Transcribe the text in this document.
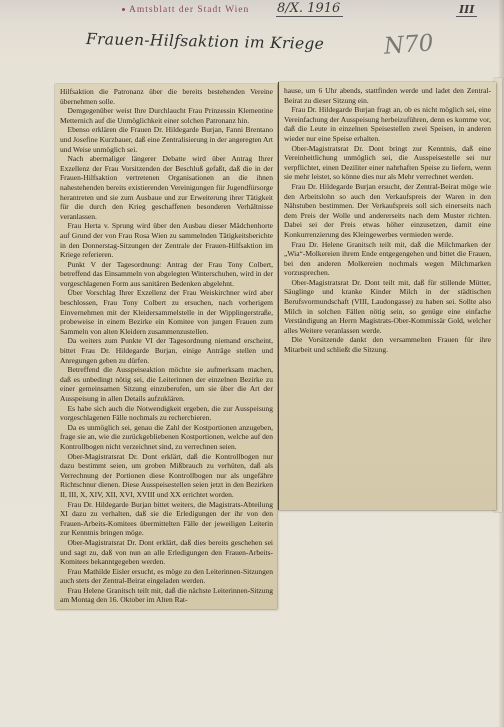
Amtsblatt der Stadt Wien 8/X. 1916	III
Frauen-Hilfsaktion im Kriege	N70

Hilfsaktion die Patronanz über die bereits bestehenden Vereine übernehmen solle.

Demgegenüber weist Ihre Durchlaucht Frau Prinzessin Klementine Metternich auf die Unmöglichkeit einer solchen Patronanz hin.

Ebenso erklären die Frauen Dr. Hildegarde Burjan, Fanni Brentano und Josefine Kurzbauer, daß eine Zentralisierung in der angeregten Art und Weise unmöglich sei.

Nach abermaliger längerer Debatte wird über Antrag Ihrer Exzellenz der Frau Vorsitzenden der Beschluß gefaßt, daß die in der Frauen-Hilfsaktion vertretenen Organisationen an die ihnen nahestehenden bereits existierenden Vereinigungen für Jugendfürsorge herantreten und sie zum Ausbaue und zur Erweiterung ihrer Tätigkeit für die durch den Krieg geschaffenen besonderen Verhältnisse veranlassen.

Frau Herta v. Sprung wird über den Ausbau dieser Mädchenhorte auf Grund der von Frau Rosa Wien zu sammelnden Tätigkeitsberichte in den Donnerstag-Sitzungen der Zentrale der Frauen-Hilfsaktion im Kriege referieren.

Punkt V der Tagesordnung: Antrag der Frau Tony Colbert, betreffend das Einsammeln von abgelegten Winterschuhen, wird in der vorgeschlagenen Form aus sanitären Bedenken abgelehnt.

Über Vorschlag Ihrer Exzellenz der Frau Weiskirchner wird aber beschlossen, Frau Tony Colbert zu ersuchen, nach vorherigem Einvernehmen mit der Kleidersammelstelle in der Wipplingerstraße, probeweise in einem Bezirke ein Komitee von jungen Frauen zum Sammeln von alten Kleidern zusammenzustellen.

Da weiters zum Punkte VI der Tagesordnung niemand erscheint, bittet Frau Dr. Hildegarde Burjan, einige Anträge stellen und Anregungen geben zu dürfen.

Betreffend die Ausspeiseaktion möchte sie aufmerksam machen, daß es unbedingt nötig sei, die Leiterinnen der einzelnen Bezirke zu einer gemeinsamen Sitzung einzuberufen, um sie über die Art der Ausspeisung in allen Details aufzuklären.

Es habe sich auch die Notwendigkeit ergeben, die zur Ausspeisung vorgeschlagenen Fälle nochmals zu recherchieren.

Da es unmöglich sei, genau die Zahl der Kostportionen anzugeben, frage sie an, wie die zurückgebliebenen Kostportionen, welche auf den Kontrollbogen nicht verzeichnet sind, zu verrechnen seien.

Ober-Magistratsrat Dr. Dont erklärt, daß die Kontrollbogen nur dazu bestimmt seien, um groben Mißbrauch zu verhüten, daß als Verrechnung der Portionen diese Kontrollbogen nur als ungefähre Richtschnur dienen. Diese Ausspeisestellen seien jetzt in den Bezirken II, III, X, XIV, XII, XVI, XVIII und XX errichtet worden.

Frau Dr. Hildegarde Burjan bittet weiters, die Magistrats-Abteilung XI dazu zu verhalten, daß sie die Erledigungen der ihr von den Frauen-Arbeits-Komitees übermittelten Fälle der jeweiligen Leiterin zur Kenntnis bringen möge.

Ober-Magistratsrat Dr. Dont erklärt, daß dies bereits geschehen sei und sagt zu, daß von nun an alle Erledigungen den Frauen-Arbeits-Komitees bekanntgegeben werden.

Frau Mathilde Eisler ersucht, es möge zu den Leiterinnen-Sitzungen auch stets der Zentral-Beirat eingeladen werden.

Frau Helene Granitsch teilt mit, daß die nächste Leiterinnen-Sitzung am Montag den 16. Oktober im Alten Rat-

hause, um 6 Uhr abends, stattfinden werde und ladet den Zentral-Beirat zu dieser Sitzung ein.

Frau Dr. Hildegarde Burjan fragt an, ob es nicht möglich sei, eine Vereinfachung der Ausspeisung herbeizuführen, denn es komme vor, daß die Leute in einzelnen Speisestellen zwei Speisen, in anderen wieder nur eine Speise erhalten.

Ober-Magistratsrat Dr. Dont bringt zur Kenntnis, daß eine Vereinheitlichung unmöglich sei, die Ausspeisestelle sei nur verpflichtet, einen Deziliter einer nahrhaften Speise zu liefern, wenn sie mehr leistet, so könne dies nur als Mehr verrechnet werden.

Frau Dr. Hildegarde Burjan ersucht, der Zentral-Beirat möge wie den Arbeitslohn so auch den Verkaufspreis der Waren in den Nähstuben bestimmen. Der Verkaufspreis soll sich einerseits nach dem Preis der Wolle und andererseits nach dem Muster richten. Dabei sei der Preis etwas höher einzusetzen, damit eine Konkurrenzierung des Kleingewerbes vermieden werde.

Frau Dr. Helene Granitsch teilt mit, daß die Milchmarken der „Wia“-Molkereien ihrem Ende entgegengehen und bittet die Frauen, bei den anderen Molkereien nochmals wegen Milchmarken vorzusprechen.

Ober-Magistratsrat Dr. Dont teilt mit, daß für stillende Mütter, Säuglinge und kranke Kinder Milch in der städtischen Berufsvormundschaft (VIII, Laudongasse) zu haben sei. Sollte also Milch in solchen Fällen nötig sein, so genüge eine einfache Verständigung an Herrn Magistrats-Ober-Kommissär Gold, welcher alles Weitere veranlassen werde.

Die Vorsitzende dankt den versammelten Frauen für ihre Mitarbeit und schließt die Sitzung.
